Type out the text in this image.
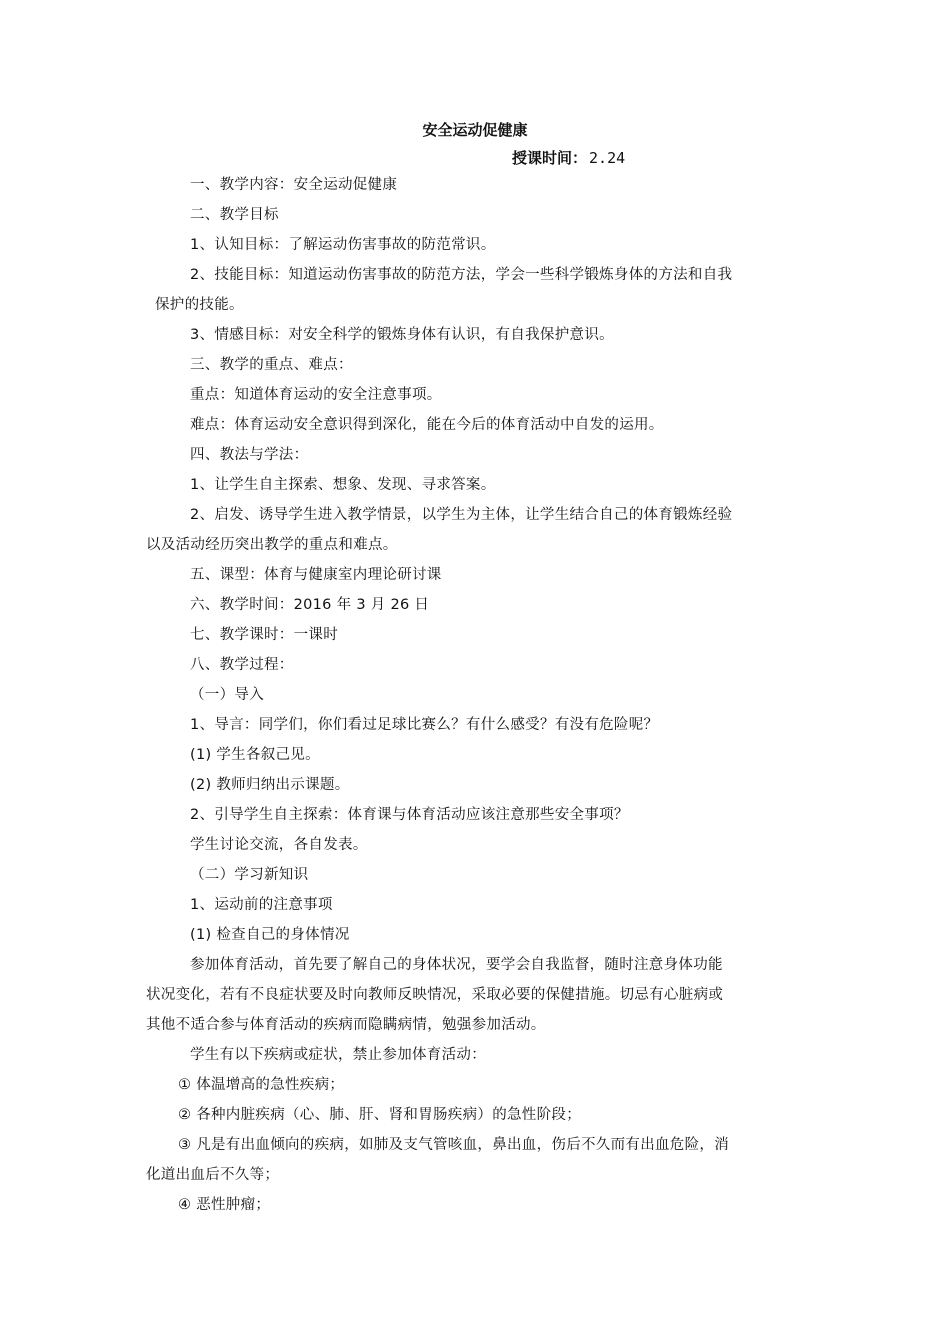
安全运动促健康
授课时间： 2.24
一、教学内容：安全运动促健康
二、教学目标
1、认知目标：了解运动伤害事故的防范常识。
2、技能目标：知道运动伤害事故的防范方法，学会一些科学锻炼身体的方法和自我
保护的技能。
3、情感目标：对安全科学的锻炼身体有认识，有自我保护意识。
三、教学的重点、难点：
重点：知道体育运动的安全注意事项。
难点：体育运动安全意识得到深化，能在今后的体育活动中自发的运用。
四、教法与学法：
1、让学生自主探索、想象、发现、寻求答案。
2、启发、诱导学生进入教学情景，以学生为主体，让学生结合自己的体育锻炼经验
以及活动经历突出教学的重点和难点。
五、课型：体育与健康室内理论研讨课
六、教学时间：2016 年 3 月 26 日
七、教学课时：一课时
八、教学过程：
（一）导入
1、导言：同学们，你们看过足球比赛么？有什么感受？有没有危险呢？
(1) 学生各叙己见。
(2) 教师归纳出示课题。
2、引导学生自主探索：体育课与体育活动应该注意那些安全事项？
学生讨论交流，各自发表。
（二）学习新知识
1、运动前的注意事项
(1) 检查自己的身体情况
参加体育活动，首先要了解自己的身体状况，要学会自我监督，随时注意身体功能
状况变化，若有不良症状要及时向教师反映情况，采取必要的保健措施。切忌有心脏病或
其他不适合参与体育活动的疾病而隐瞒病情，勉强参加活动。
学生有以下疾病或症状，禁止参加体育活动：
① 体温增高的急性疾病；
② 各种内脏疾病（心、肺、肝、肾和胃肠疾病）的急性阶段；
③ 凡是有出血倾向的疾病，如肺及支气管咳血，鼻出血，伤后不久而有出血危险，消
化道出血后不久等；
④ 恶性肿瘤；
